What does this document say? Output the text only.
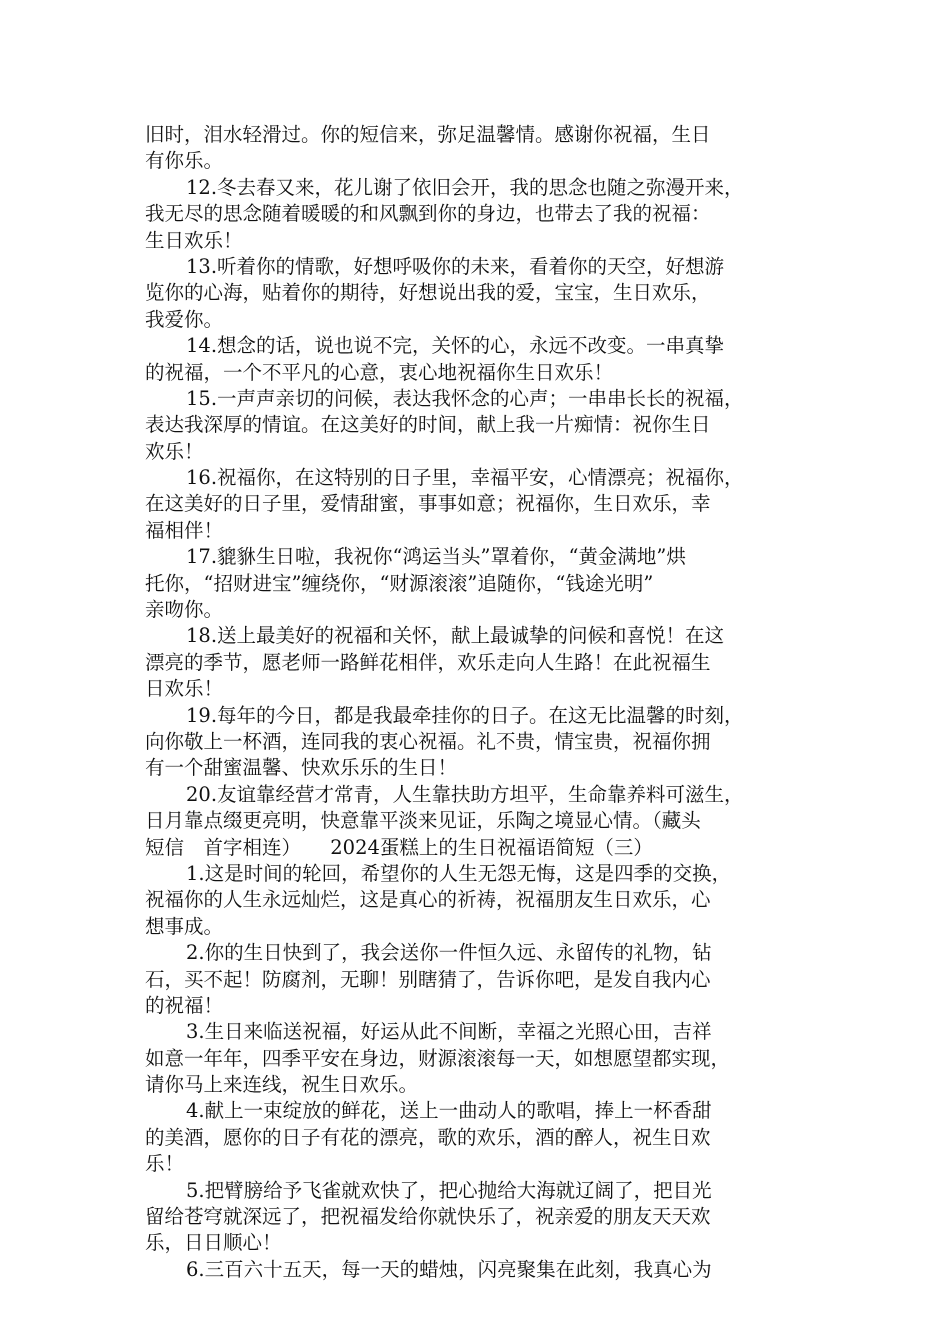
旧时，泪水轻滑过。你的短信来，弥足温馨情。感谢你祝福，生日
有你乐。
12.冬去春又来，花儿谢了依旧会开，我的思念也随之弥漫开来，
我无尽的思念随着暖暖的和风飘到你的身边，也带去了我的祝福：
生日欢乐！
13.听着你的情歌，好想呼吸你的未来，看着你的天空，好想游
览你的心海，贴着你的期待，好想说出我的爱，宝宝，生日欢乐，
我爱你。
14.想念的话，说也说不完，关怀的心，永远不改变。一串真挚
的祝福，一个不平凡的心意，衷心地祝福你生日欢乐！
15.一声声亲切的问候，表达我怀念的心声；一串串长长的祝福，
表达我深厚的情谊。在这美好的时间，献上我一片痴情：祝你生日
欢乐！
16.祝福你，在这特别的日子里，幸福平安，心情漂亮；祝福你，
在这美好的日子里，爱情甜蜜，事事如意；祝福你，生日欢乐，幸
福相伴！
17.貔貅生日啦，我祝你“鸿运当头”罩着你，“黄金满地”烘
托你，“招财进宝”缠绕你，“财源滚滚”追随你，“钱途光明”
亲吻你。
18.送上最美好的祝福和关怀，献上最诚挚的问候和喜悦！在这
漂亮的季节，愿老师一路鲜花相伴，欢乐走向人生路！在此祝福生
日欢乐！
19.每年的今日，都是我最牵挂你的日子。在这无比温馨的时刻，
向你敬上一杯酒，连同我的衷心祝福。礼不贵，情宝贵，祝福你拥
有一个甜蜜温馨、快欢乐乐的生日！
20.友谊靠经营才常青，人生靠扶助方坦平，生命靠养料可滋生，
日月靠点缀更亮明，快意靠平淡来见证，乐陶之境显心情。（藏头
短信　首字相连）　　2024蛋糕上的生日祝福语简短（三）
1.这是时间的轮回，希望你的人生无怨无悔，这是四季的交换，
祝福你的人生永远灿烂，这是真心的祈祷，祝福朋友生日欢乐，心
想事成。
2.你的生日快到了，我会送你一件恒久远、永留传的礼物，钻
石，买不起！防腐剂，无聊！别瞎猜了，告诉你吧，是发自我内心
的祝福！
3.生日来临送祝福，好运从此不间断，幸福之光照心田，吉祥
如意一年年，四季平安在身边，财源滚滚每一天，如想愿望都实现，
请你马上来连线，祝生日欢乐。
4.献上一束绽放的鲜花，送上一曲动人的歌唱，捧上一杯香甜
的美酒，愿你的日子有花的漂亮，歌的欢乐，酒的醉人，祝生日欢
乐！
5.把臂膀给予飞雀就欢快了，把心抛给大海就辽阔了，把目光
留给苍穹就深远了，把祝福发给你就快乐了，祝亲爱的朋友天天欢
乐，日日顺心！
6.三百六十五天，每一天的蜡烛，闪亮聚集在此刻，我真心为
